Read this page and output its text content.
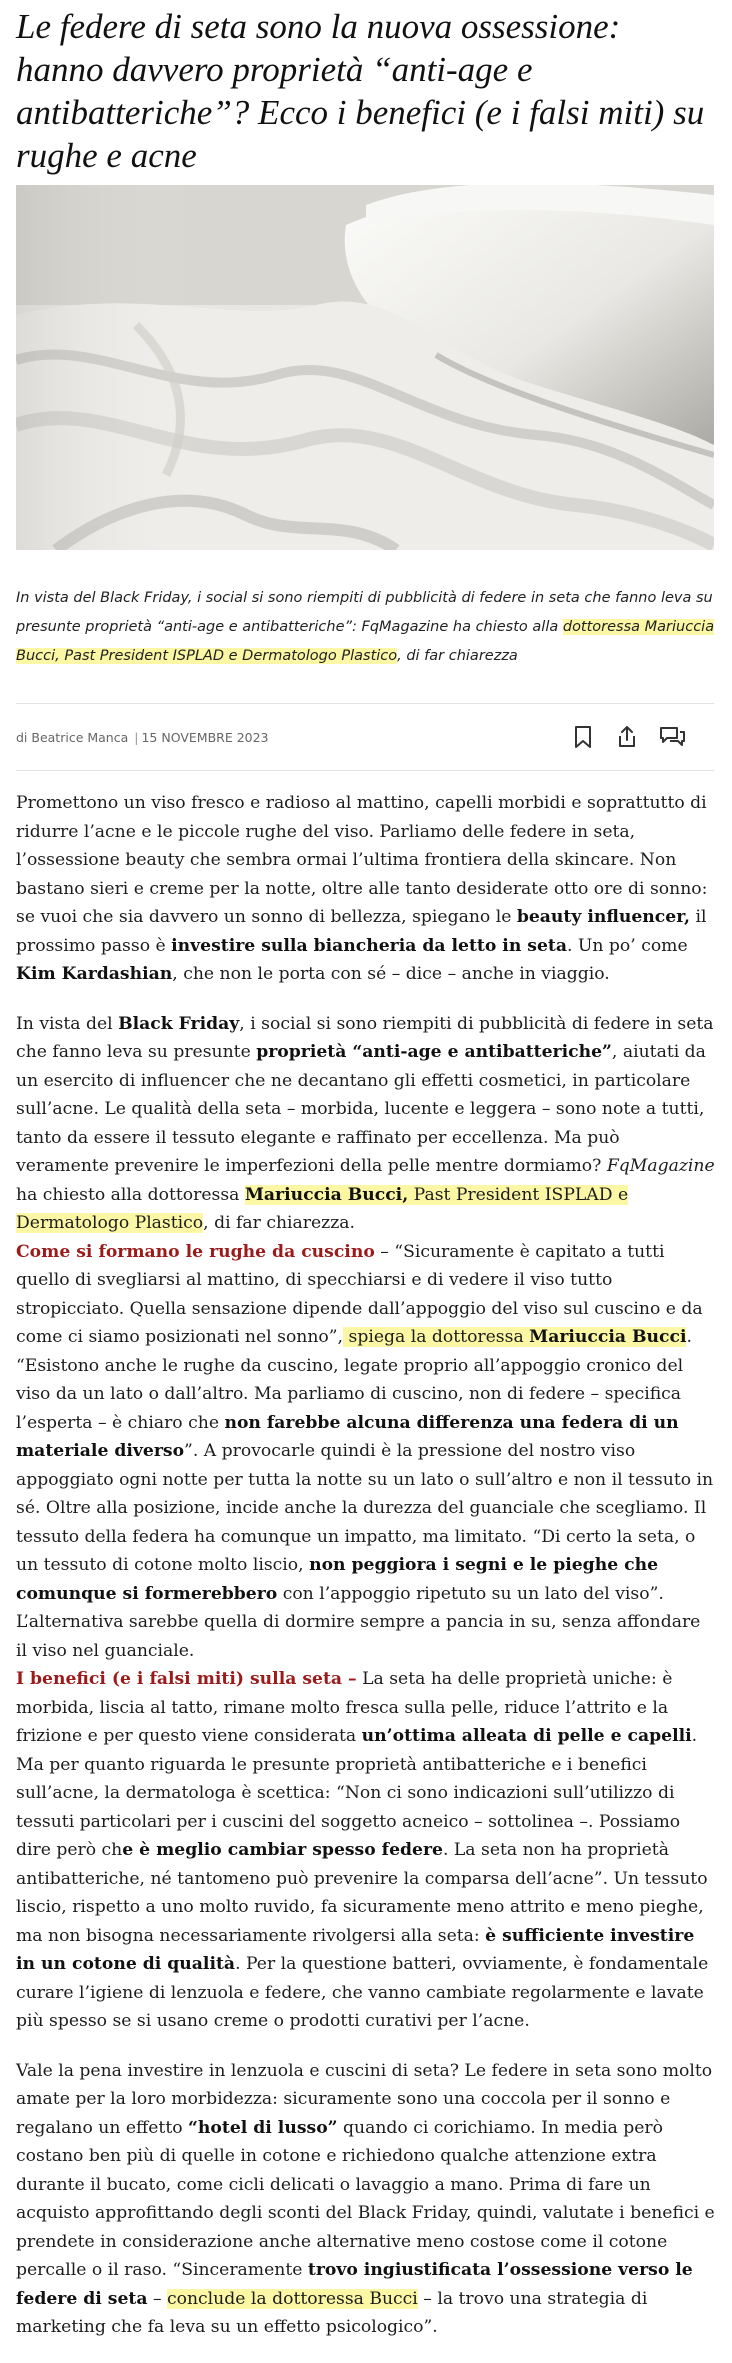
Le federe di seta sono la nuova ossessione: hanno davvero proprietà “anti-age e antibatteriche”? Ecco i benefici (e i falsi miti) su rughe e acne

In vista del Black Friday, i social si sono riempiti di pubblicità di federe in seta che fanno leva su presunte proprietà “anti-age e antibatteriche”: FqMagazine ha chiesto alla dottoressa Mariuccia Bucci, Past President ISPLAD e Dermatologo Plastico, di far chiarezza

di Beatrice Manca | 15 NOVEMBRE 2023

Promettono un viso fresco e radioso al mattino, capelli morbidi e soprattutto di ridurre l’acne e le piccole rughe del viso. Parliamo delle federe in seta, l’ossessione beauty che sembra ormai l’ultima frontiera della skincare. Non bastano sieri e creme per la notte, oltre alle tanto desiderate otto ore di sonno: se vuoi che sia davvero un sonno di bellezza, spiegano le beauty influencer, il prossimo passo è investire sulla biancheria da letto in seta. Un po’ come Kim Kardashian, che non le porta con sé – dice – anche in viaggio.

In vista del Black Friday, i social si sono riempiti di pubblicità di federe in seta che fanno leva su presunte proprietà “anti-age e antibatteriche”, aiutati da un esercito di influencer che ne decantano gli effetti cosmetici, in particolare sull’acne. Le qualità della seta – morbida, lucente e leggera – sono note a tutti, tanto da essere il tessuto elegante e raffinato per eccellenza. Ma può veramente prevenire le imperfezioni della pelle mentre dormiamo? FqMagazine ha chiesto alla dottoressa Mariuccia Bucci, Past President ISPLAD e Dermatologo Plastico, di far chiarezza.

Come si formano le rughe da cuscino – “Sicuramente è capitato a tutti quello di svegliarsi al mattino, di specchiarsi e di vedere il viso tutto stropicciato. Quella sensazione dipende dall’appoggio del viso sul cuscino e da come ci siamo posizionati nel sonno”, spiega la dottoressa Mariuccia Bucci. “Esistono anche le rughe da cuscino, legate proprio all’appoggio cronico del viso da un lato o dall’altro. Ma parliamo di cuscino, non di federe – specifica l’esperta – è chiaro che non farebbe alcuna differenza una federa di un materiale diverso”. A provocarle quindi è la pressione del nostro viso appoggiato ogni notte per tutta la notte su un lato o sull’altro e non il tessuto in sé. Oltre alla posizione, incide anche la durezza del guanciale che scegliamo. Il tessuto della federa ha comunque un impatto, ma limitato. “Di certo la seta, o un tessuto di cotone molto liscio, non peggiora i segni e le pieghe che comunque si formerebbero con l’appoggio ripetuto su un lato del viso”. L’alternativa sarebbe quella di dormire sempre a pancia in su, senza affondare il viso nel guanciale.

I benefici (e i falsi miti) sulla seta – La seta ha delle proprietà uniche: è morbida, liscia al tatto, rimane molto fresca sulla pelle, riduce l’attrito e la frizione e per questo viene considerata un’ottima alleata di pelle e capelli. Ma per quanto riguarda le presunte proprietà antibatteriche e i benefici sull’acne, la dermatologa è scettica: “Non ci sono indicazioni sull’utilizzo di tessuti particolari per i cuscini del soggetto acneico – sottolinea –. Possiamo dire però che è meglio cambiar spesso federe. La seta non ha proprietà antibatteriche, né tantomeno può prevenire la comparsa dell’acne”. Un tessuto liscio, rispetto a uno molto ruvido, fa sicuramente meno attrito e meno pieghe, ma non bisogna necessariamente rivolgersi alla seta: è sufficiente investire in un cotone di qualità. Per la questione batteri, ovviamente, è fondamentale curare l’igiene di lenzuola e federe, che vanno cambiate regolarmente e lavate più spesso se si usano creme o prodotti curativi per l’acne.

Vale la pena investire in lenzuola e cuscini di seta? Le federe in seta sono molto amate per la loro morbidezza: sicuramente sono una coccola per il sonno e regalano un effetto “hotel di lusso” quando ci corichiamo. In media però costano ben più di quelle in cotone e richiedono qualche attenzione extra durante il bucato, come cicli delicati o lavaggio a mano. Prima di fare un acquisto approfittando degli sconti del Black Friday, quindi, valutate i benefici e prendete in considerazione anche alternative meno costose come il cotone percalle o il raso. “Sinceramente trovo ingiustificata l’ossessione verso le federe di seta – conclude la dottoressa Bucci – la trovo una strategia di marketing che fa leva su un effetto psicologico”.
